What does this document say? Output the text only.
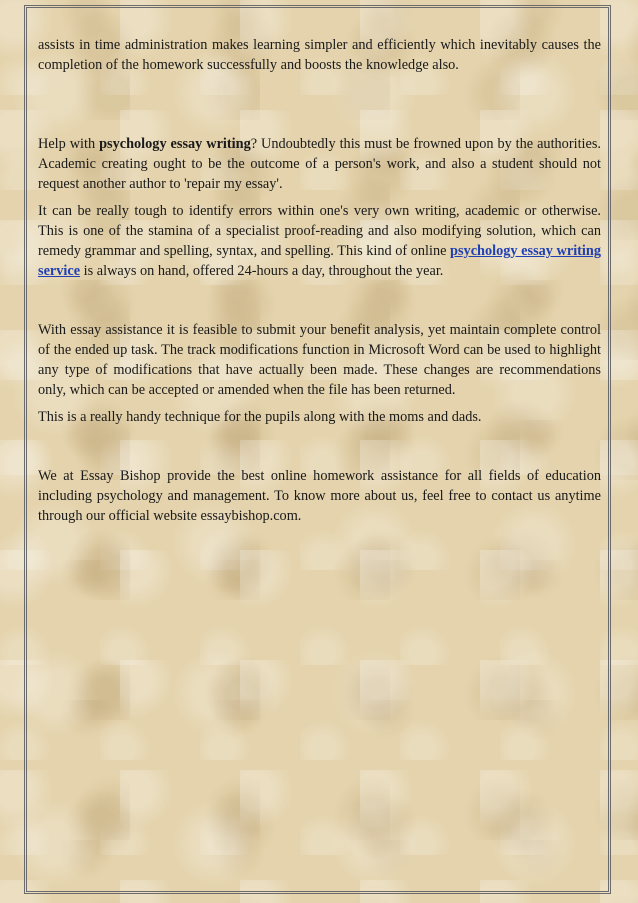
assists in time administration makes learning simpler and efficiently which inevitably causes the completion of the homework successfully and boosts the knowledge also.

Help with psychology essay writing? Undoubtedly this must be frowned upon by the authorities. Academic creating ought to be the outcome of a person's work, and also a student should not request another author to 'repair my essay'.

It can be really tough to identify errors within one's very own writing, academic or otherwise. This is one of the stamina of a specialist proof-reading and also modifying solution, which can remedy grammar and spelling, syntax, and spelling. This kind of online psychology essay writing service is always on hand, offered 24-hours a day, throughout the year.

With essay assistance it is feasible to submit your benefit analysis, yet maintain complete control of the ended up task. The track modifications function in Microsoft Word can be used to highlight any type of modifications that have actually been made. These changes are recommendations only, which can be accepted or amended when the file has been returned.

This is a really handy technique for the pupils along with the moms and dads.

We at Essay Bishop provide the best online homework assistance for all fields of education including psychology and management. To know more about us, feel free to contact us anytime through our official website essaybishop.com.
